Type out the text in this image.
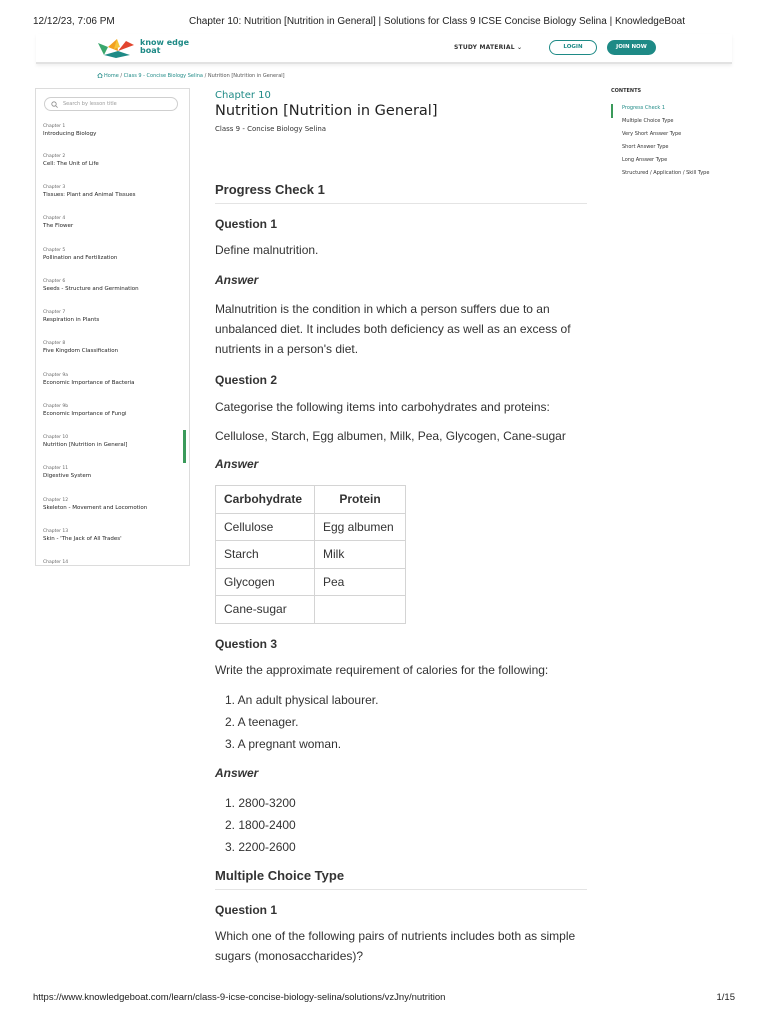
12/12/23, 7:06 PM	Chapter 10: Nutrition [Nutrition in General] | Solutions for Class 9 ICSE Concise Biology Selina | KnowledgeBoat
know edge
boat	STUDY MATERIAL ⌄	LOGIN	JOIN NOW
Home / Class 9 - Concise Biology Selina / Nutrition [Nutrition in General]
Search by lesson title
Chapter 1
Introducing Biology
Chapter 2
Cell: The Unit of Life
Chapter 3
Tissues: Plant and Animal Tissues
Chapter 4
The Flower
Chapter 5
Pollination and Fertilization
Chapter 6
Seeds - Structure and Germination
Chapter 7
Respiration in Plants
Chapter 8
Five Kingdom Classification
Chapter 9a
Economic Importance of Bacteria
Chapter 9b
Economic Importance of Fungi
Chapter 10
Nutrition [Nutrition in General]
Chapter 11
Digestive System
Chapter 12
Skeleton - Movement and Locomotion
Chapter 13
Skin - 'The Jack of All Trades'
Chapter 14
Chapter 10
Nutrition [Nutrition in General]
Class 9 - Concise Biology Selina
Progress Check 1
Question 1
Define malnutrition.
Answer
Malnutrition is the condition in which a person suffers due to an unbalanced diet. It includes both deficiency as well as an excess of nutrients in a person's diet.
Question 2
Categorise the following items into carbohydrates and proteins:
Cellulose, Starch, Egg albumen, Milk, Pea, Glycogen, Cane-sugar
Answer
Carbohydrate	Protein
Cellulose	Egg albumen
Starch	Milk
Glycogen	Pea
Cane-sugar	
Question 3
Write the approximate requirement of calories for the following:
1. An adult physical labourer.
2. A teenager.
3. A pregnant woman.
Answer
1. 2800-3200
2. 1800-2400
3. 2200-2600
Multiple Choice Type
Question 1
Which one of the following pairs of nutrients includes both as simple sugars (monosaccharides)?
CONTENTS
Progress Check 1
Multiple Choice Type
Very Short Answer Type
Short Answer Type
Long Answer Type
Structured / Application / Skill Type
https://www.knowledgeboat.com/learn/class-9-icse-concise-biology-selina/solutions/vzJny/nutrition	1/15
